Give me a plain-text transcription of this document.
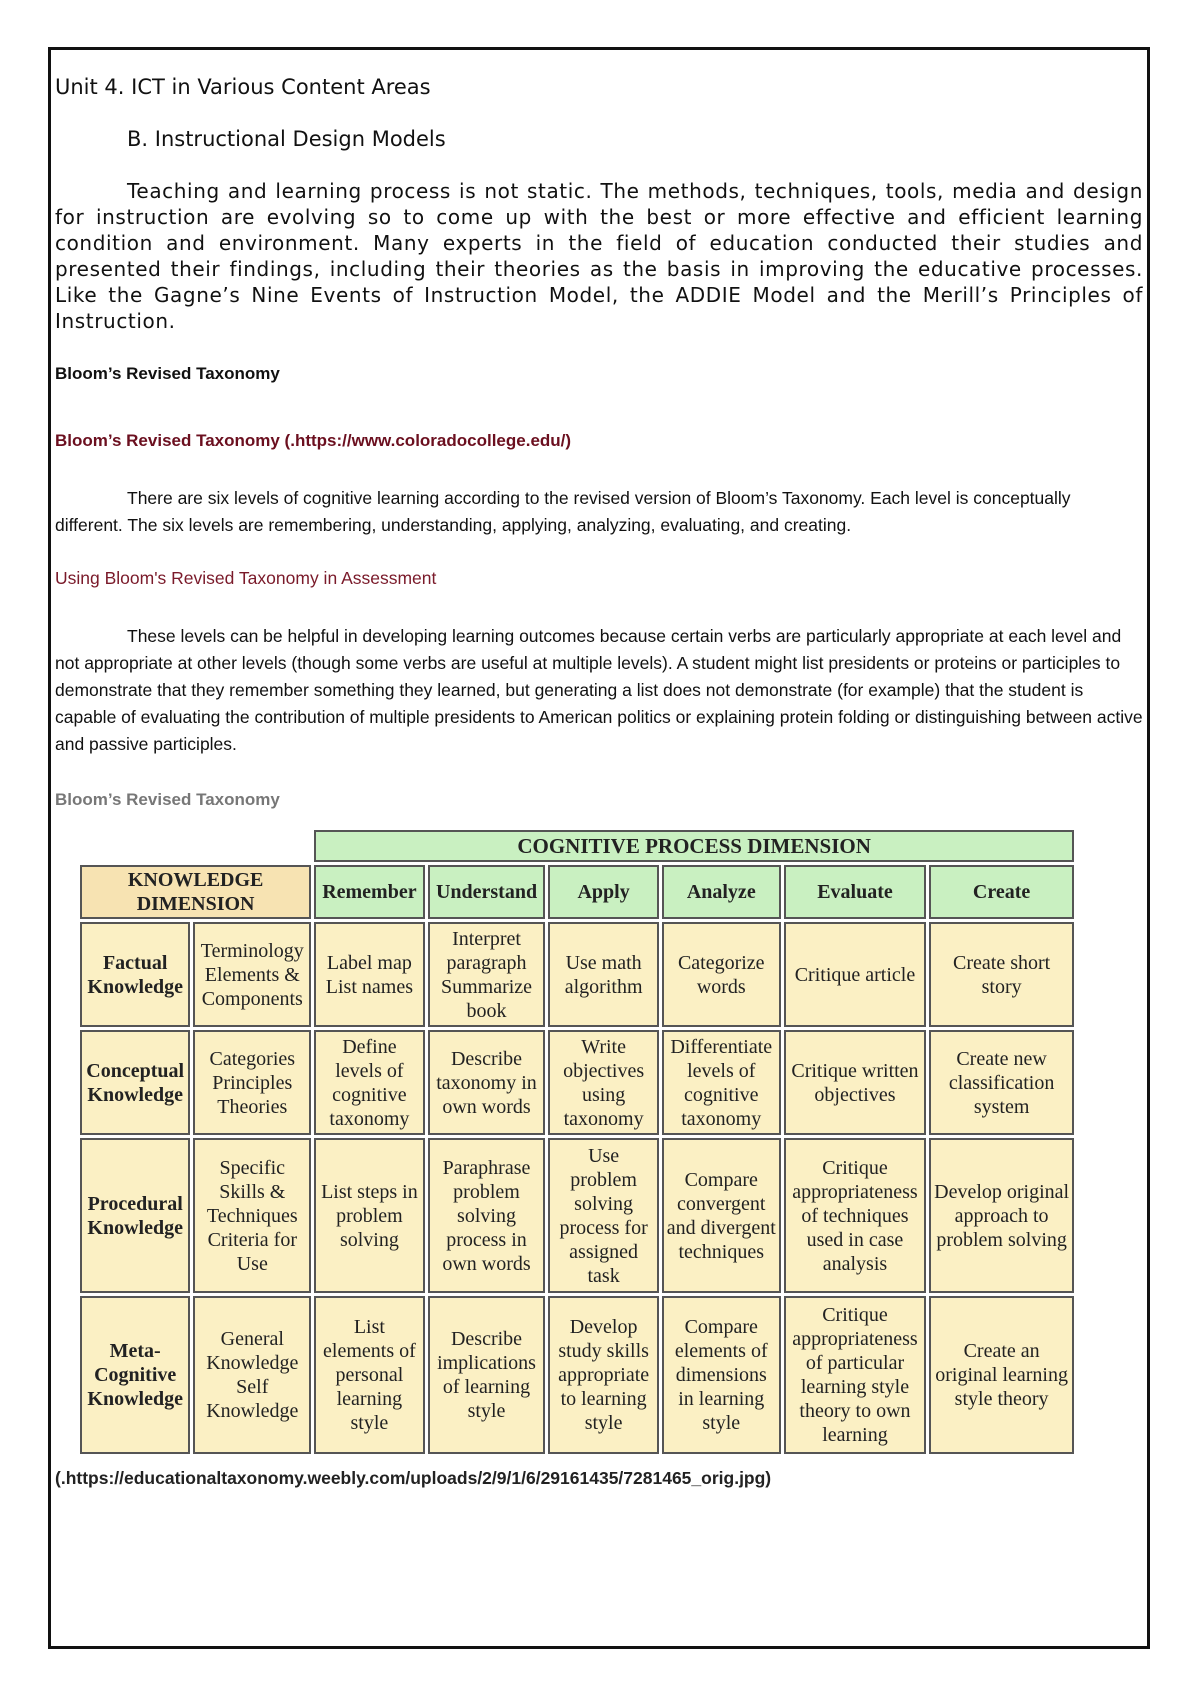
Unit 4. ICT in Various Content Areas

B. Instructional Design Models

Teaching and learning process is not static. The methods, techniques, tools, media and design for instruction are evolving so to come up with the best or more effective and efficient learning condition and environment. Many experts in the field of education conducted their studies and presented their findings, including their theories as the basis in improving the educative processes. Like the Gagne’s Nine Events of Instruction Model, the ADDIE Model and the Merill’s Principles of Instruction.

Bloom’s Revised Taxonomy

Bloom’s Revised Taxonomy (.https://www.coloradocollege.edu/)

There are six levels of cognitive learning according to the revised version of Bloom’s Taxonomy. Each level is conceptually different. The six levels are remembering, understanding, applying, analyzing, evaluating, and creating.

Using Bloom's Revised Taxonomy in Assessment

These levels can be helpful in developing learning outcomes because certain verbs are particularly appropriate at each level and not appropriate at other levels (though some verbs are useful at multiple levels). A student might list presidents or proteins or participles to demonstrate that they remember something they learned, but generating a list does not demonstrate (for example) that the student is capable of evaluating the contribution of multiple presidents to American politics or explaining protein folding or distinguishing between active and passive participles.

Bloom’s Revised Taxonomy

(.https://educationaltaxonomy.weebly.com/uploads/2/9/1/6/29161435/7281465_orig.jpg)

		COGNITIVE PROCESS DIMENSION					
KNOWLEDGE DIMENSION		Remember	Understand	Apply	Analyze	Evaluate	Create
Factual Knowledge	Terminology Elements & Components	Label map List names	Interpret paragraph Summarize book	Use math algorithm	Categorize words	Critique article	Create short story
Conceptual Knowledge	Categories Principles Theories	Define levels of cognitive taxonomy	Describe taxonomy in own words	Write objectives using taxonomy	Differentiate levels of cognitive taxonomy	Critique written objectives	Create new classification system
Procedural Knowledge	Specific Skills & Techniques Criteria for Use	List steps in problem solving	Paraphrase problem solving process in own words	Use problem solving process for assigned task	Compare convergent and divergent techniques	Critique appropriateness of techniques used in case analysis	Develop original approach to problem solving
Meta-Cognitive Knowledge	General Knowledge Self Knowledge	List elements of personal learning style	Describe implications of learning style	Develop study skills appropriate to learning style	Compare elements of dimensions in learning style	Critique appropriateness of particular learning style theory to own learning	Create an original learning style theory
